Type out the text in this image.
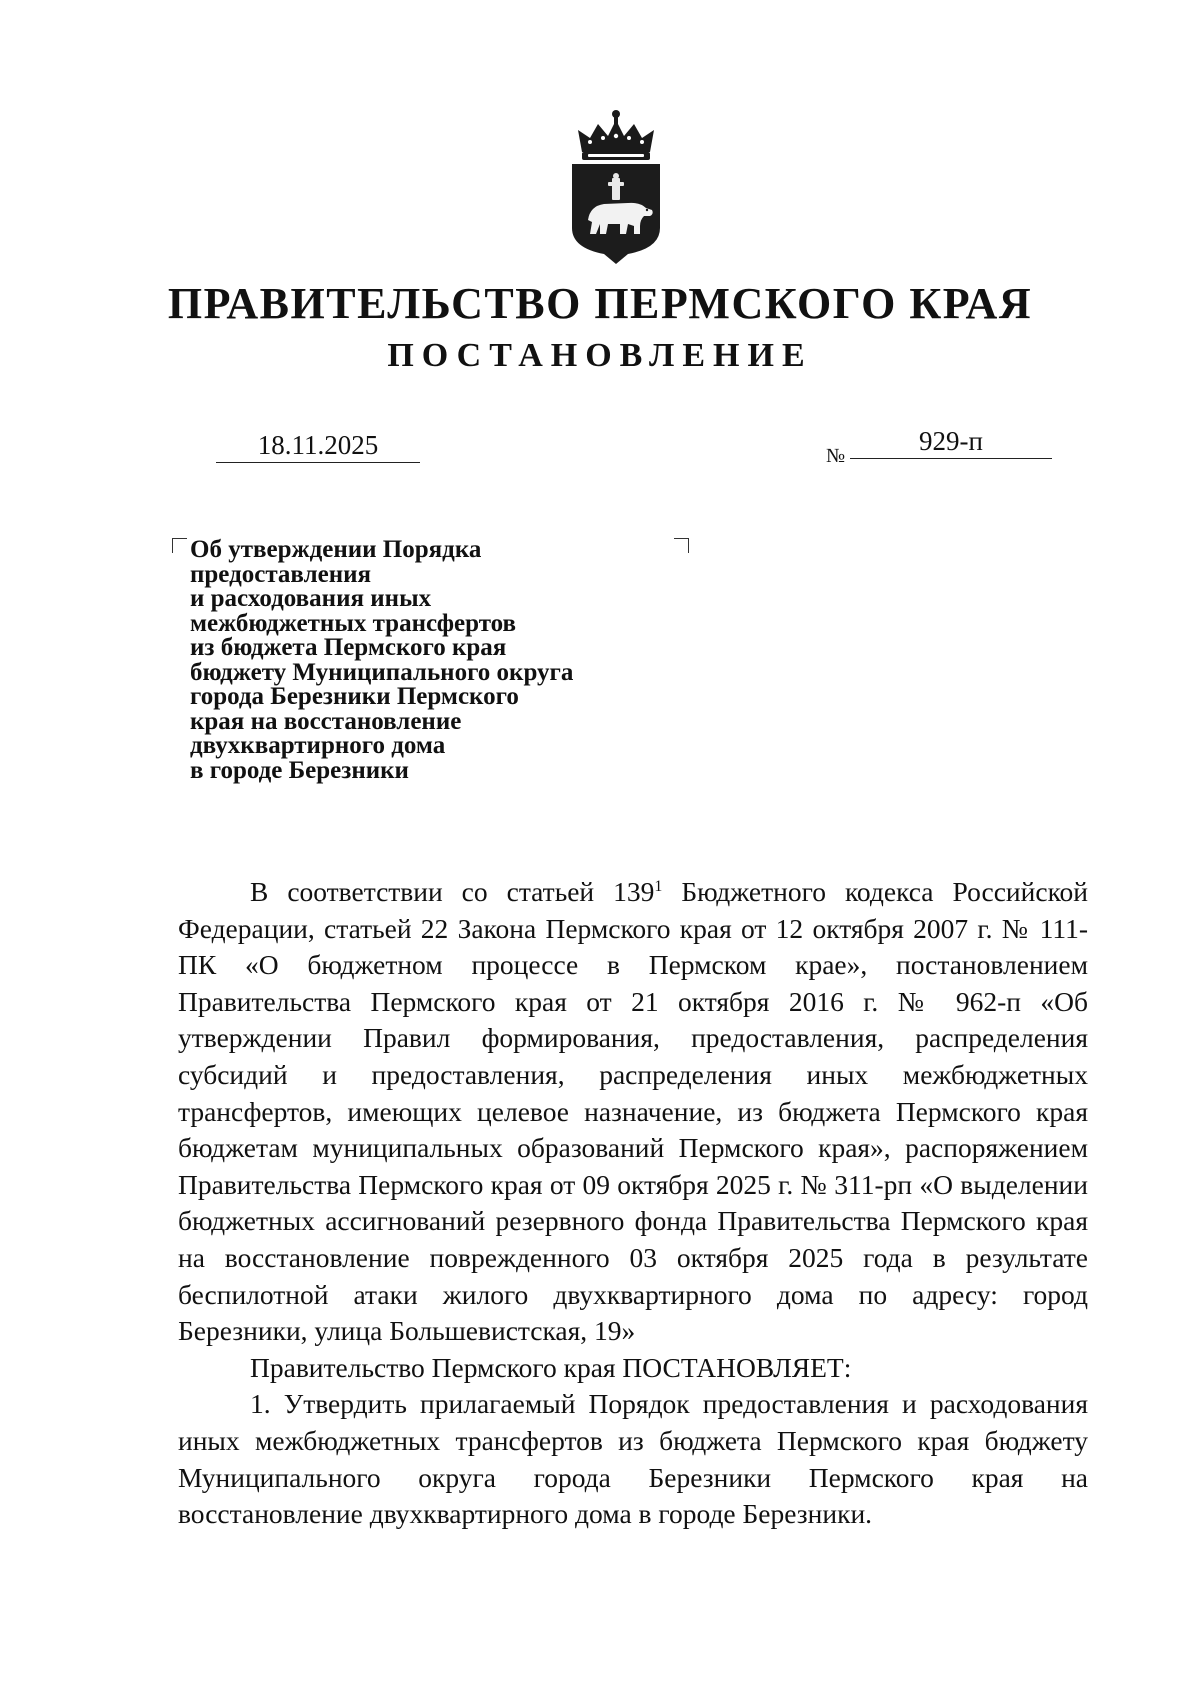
ПРАВИТЕЛЬСТВО ПЕРМСКОГО КРАЯ
ПОСТАНОВЛЕНИЕ
18.11.2025	№	929-п
Об утверждении Порядка
предоставления
и расходования иных
межбюджетных трансфертов
из бюджета Пермского края
бюджету Муниципального округа
города Березники Пермского
края на восстановление
двухквартирного дома
в городе Березники

В соответствии со статьей $139^1$ Бюджетного кодекса Российской Федерации, статьей 22 Закона Пермского края от 12 октября 2007 г. № 111-ПК «О бюджетном процессе в Пермском крае», постановлением Правительства Пермского края от 21 октября 2016 г. № 962-п «Об утверждении Правил формирования, предоставления, распределения субсидий и предоставления, распределения иных межбюджетных трансфертов, имеющих целевое назначение, из бюджета Пермского края бюджетам муниципальных образований Пермского края», распоряжением Правительства Пермского края от 09 октября 2025 г. № 311-рп «О выделении бюджетных ассигнований резервного фонда Правительства Пермского края на восстановление поврежденного 03 октября 2025 года в результате беспилотной атаки жилого двухквартирного дома по адресу: город Березники, улица Большевистская, 19»

Правительство Пермского края ПОСТАНОВЛЯЕТ:

1. Утвердить прилагаемый Порядок предоставления и расходования иных межбюджетных трансфертов из бюджета Пермского края бюджету Муниципального округа города Березники Пермского края на восстановление двухквартирного дома в городе Березники.
